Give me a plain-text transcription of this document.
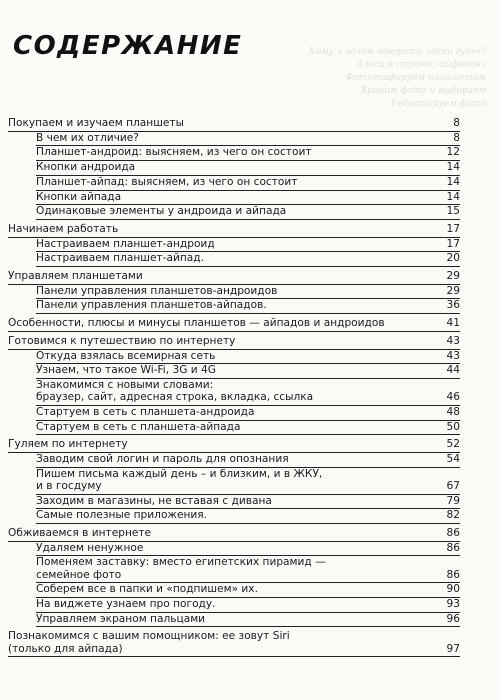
Кому и зачем говорить «окей гугл»?
Алиса в стране «айфонов»
Фотографируем планшетом
Храним фото и выбираем
Редактируем фото
СОДЕРЖАНИЕ
Покупаем и изучаем планшеты	8
В чем их отличие?	8
Планшет-андроид: выясняем, из чего он состоит	12
Кнопки андроида	14
Планшет-айпад: выясняем, из чего он состоит	14
Кнопки айпада	14
Одинаковые элементы у андроида и айпада	15
Начинаем работать	17
Настраиваем планшет-андроид	17
Настраиваем планшет-айпад.	20
Управляем планшетами	29
Панели управления планшетов-андроидов	29
Панели управления планшетов-айпадов.	36
Особенности, плюсы и минусы планшетов — айпадов и андроидов	41
Готовимся к путешествию по интернету	43
Откуда взялась всемирная сеть	43
Узнаем, что такое Wi-Fi, 3G и 4G	44
Знакомимся с новыми словами:
браузер, сайт, адресная строка, вкладка, ссылка	46
Стартуем в сеть с планшета-андроида	48
Стартуем в сеть с планшета-айпада	50
Гуляем по интернету	52
Заводим свой логин и пароль для опознания	54
Пишем письма каждый день – и близким, и в ЖКУ,
и в госдуму	67
Заходим в магазины, не вставая с дивана	79
Самые полезные приложения.	82
Обживаемся в интернете	86
Удаляем ненужное	86
Поменяем заставку: вместо египетских пирамид —
семейное фото	86
Соберем все в папки и «подпишем» их.	90
На виджете узнаем про погоду.	93
Управляем экраном пальцами	96
Познакомимся с вашим помощником: ее зовут Siri
(только для айпада)	97
